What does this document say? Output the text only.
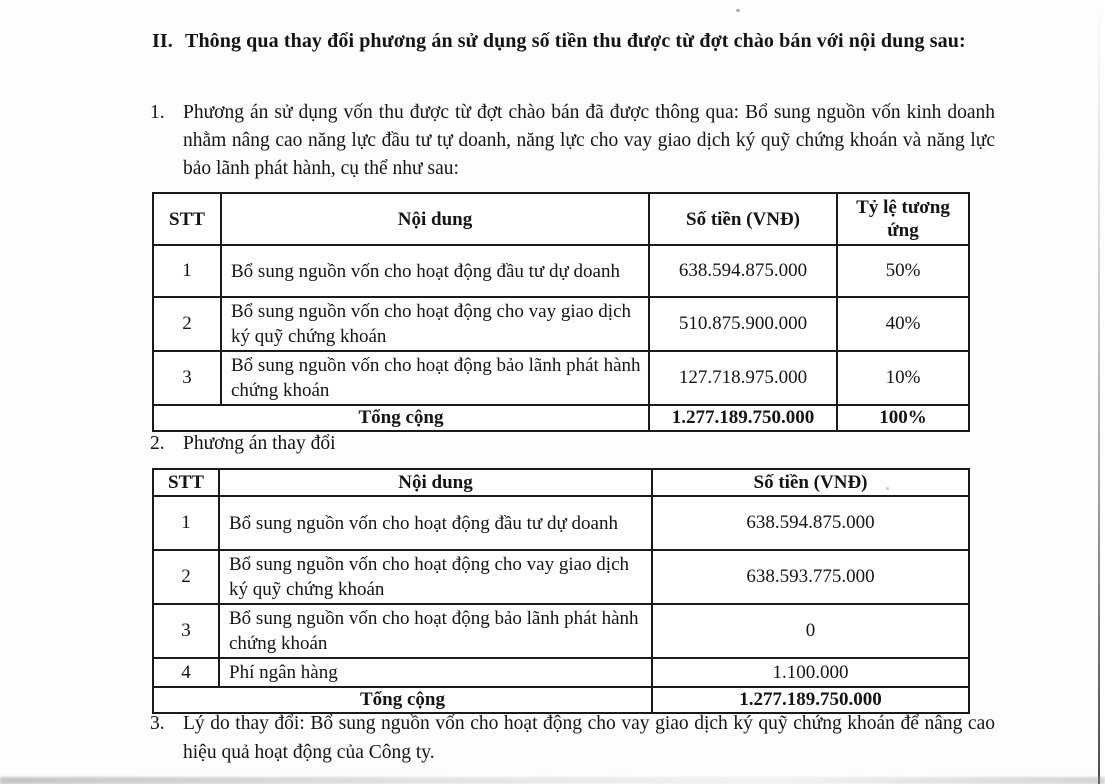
II. Thông qua thay đổi phương án sử dụng số tiền thu được từ đợt chào bán với nội dung sau:
1. Phương án sử dụng vốn thu được từ đợt chào bán đã được thông qua: Bổ sung nguồn vốn kinh doanh nhằm nâng cao năng lực đầu tư tự doanh, năng lực cho vay giao dịch ký quỹ chứng khoán và năng lực bảo lãnh phát hành, cụ thể như sau:
STT	Nội dung	Số tiền (VNĐ)	Tỷ lệ tương ứng
1	Bổ sung nguồn vốn cho hoạt động đầu tư dự doanh	638.594.875.000	50%
2	Bổ sung nguồn vốn cho hoạt động cho vay giao dịch ký quỹ chứng khoán	510.875.900.000	40%
3	Bổ sung nguồn vốn cho hoạt động bảo lãnh phát hành chứng khoán	127.718.975.000	10%
Tổng cộng		1.277.189.750.000	100%
2. Phương án thay đổi
STT	Nội dung	Số tiền (VNĐ)
1	Bổ sung nguồn vốn cho hoạt động đầu tư dự doanh	638.594.875.000
2	Bổ sung nguồn vốn cho hoạt động cho vay giao dịch ký quỹ chứng khoán	638.593.775.000
3	Bổ sung nguồn vốn cho hoạt động bảo lãnh phát hành chứng khoán	0
4	Phí ngân hàng	1.100.000
Tổng cộng		1.277.189.750.000
3. Lý do thay đổi: Bổ sung nguồn vốn cho hoạt động cho vay giao dịch ký quỹ chứng khoán để nâng cao hiệu quả hoạt động của Công ty.
